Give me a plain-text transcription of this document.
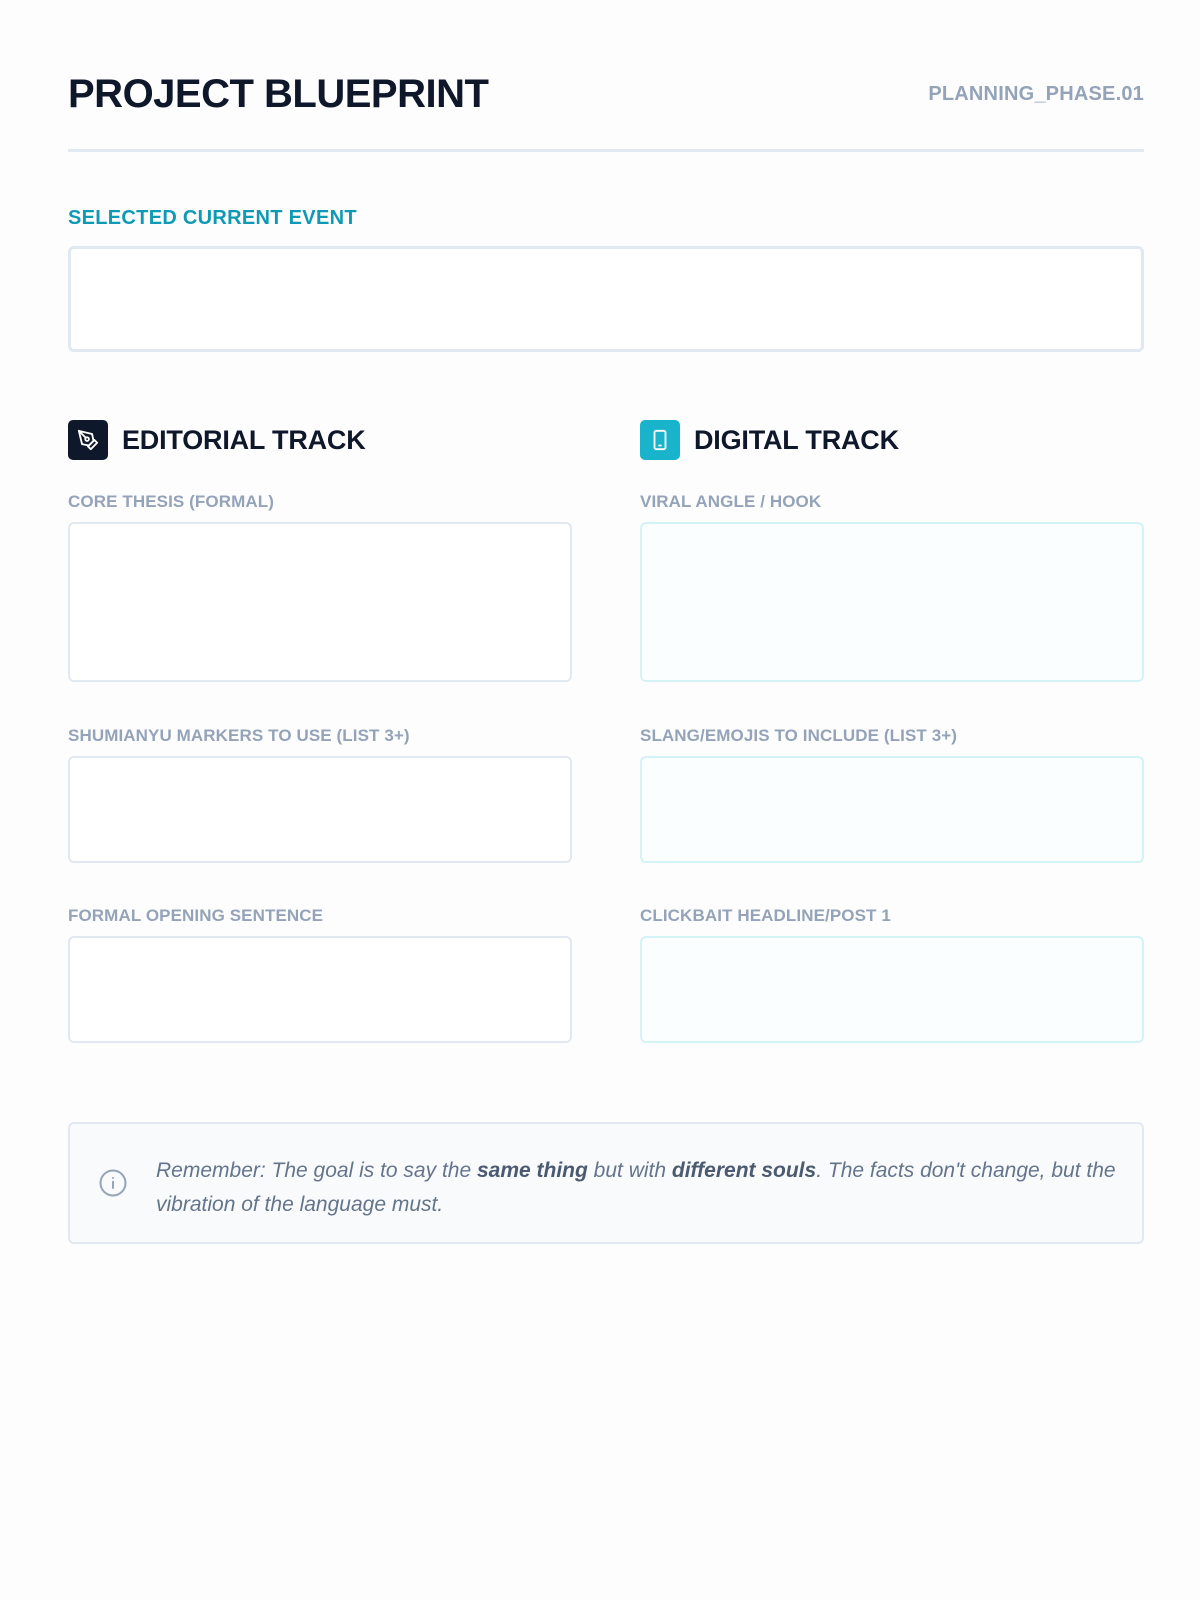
PROJECT BLUEPRINT	PLANNING_PHASE.01
SELECTED CURRENT EVENT
EDITORIAL TRACK
CORE THESIS (FORMAL)
SHUMIANYU MARKERS TO USE (LIST 3+)
FORMAL OPENING SENTENCE
DIGITAL TRACK
VIRAL ANGLE / HOOK
SLANG/EMOJIS TO INCLUDE (LIST 3+)
CLICKBAIT HEADLINE/POST 1
Remember: The goal is to say the same thing but with different souls. The facts don't change, but the vibration of the language must.
